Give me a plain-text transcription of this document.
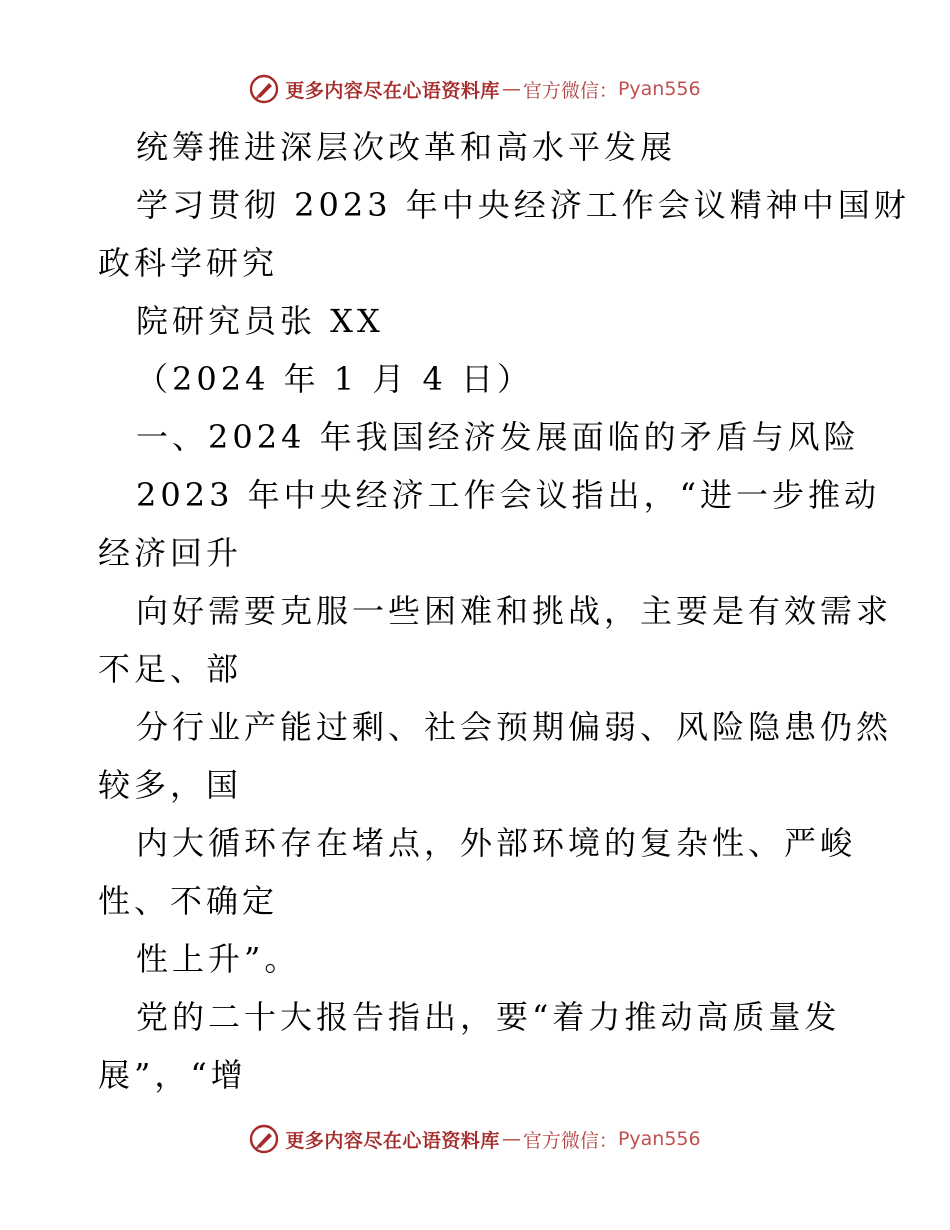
更多内容尽在心语资料库 — 官方微信： Pyan556

统筹推进深层次改革和高水平发展

学习贯彻 2023 年中央经济工作会议精神中国财

政科学研究

院研究员张 XX

（2024 年 1 月 4 日）

一、2024 年我国经济发展面临的矛盾与风险

2023 年中央经济工作会议指出，“进一步推动

经济回升

向好需要克服一些困难和挑战，主要是有效需求

不足、部

分行业产能过剩、社会预期偏弱、风险隐患仍然

较多，国

内大循环存在堵点，外部环境的复杂性、严峻

性、不确定

性上升”。

党的二十大报告指出，要“着力推动高质量发

展”，“增

更多内容尽在心语资料库 — 官方微信： Pyan556
